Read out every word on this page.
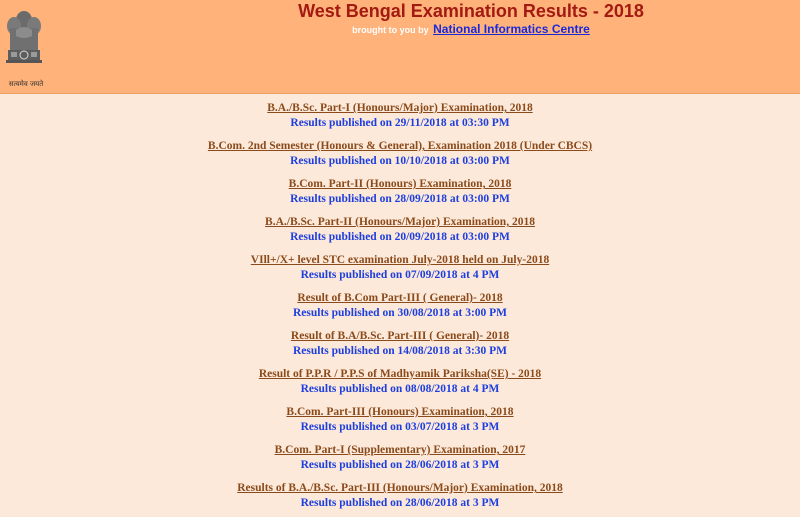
सत्यमेव जयते
West Bengal Examination Results - 2018
brought to you by National Informatics Centre
B.A./B.Sc. Part-I (Honours/Major) Examination, 2018
Results published on 29/11/2018 at 03:30 PM
B.Com. 2nd Semester (Honours & General), Examination 2018 (Under CBCS)
Results published on 10/10/2018 at 03:00 PM
B.Com. Part-II (Honours) Examination, 2018
Results published on 28/09/2018 at 03:00 PM
B.A./B.Sc. Part-II (Honours/Major) Examination, 2018
Results published on 20/09/2018 at 03:00 PM
VIll+/X+ level STC examination July-2018 held on July-2018
Results published on 07/09/2018 at 4 PM
Result of B.Com Part-III ( General)- 2018
Results published on 30/08/2018 at 3:00 PM
Result of B.A/B.Sc. Part-III ( General)- 2018
Results published on 14/08/2018 at 3:30 PM
Result of P.P.R / P.P.S of Madhyamik Pariksha(SE) - 2018
Results published on 08/08/2018 at 4 PM
B.Com. Part-III (Honours) Examination, 2018
Results published on 03/07/2018 at 3 PM
B.Com. Part-I (Supplementary) Examination, 2017
Results published on 28/06/2018 at 3 PM
Results of B.A./B.Sc. Part-III (Honours/Major) Examination, 2018
Results published on 28/06/2018 at 3 PM
